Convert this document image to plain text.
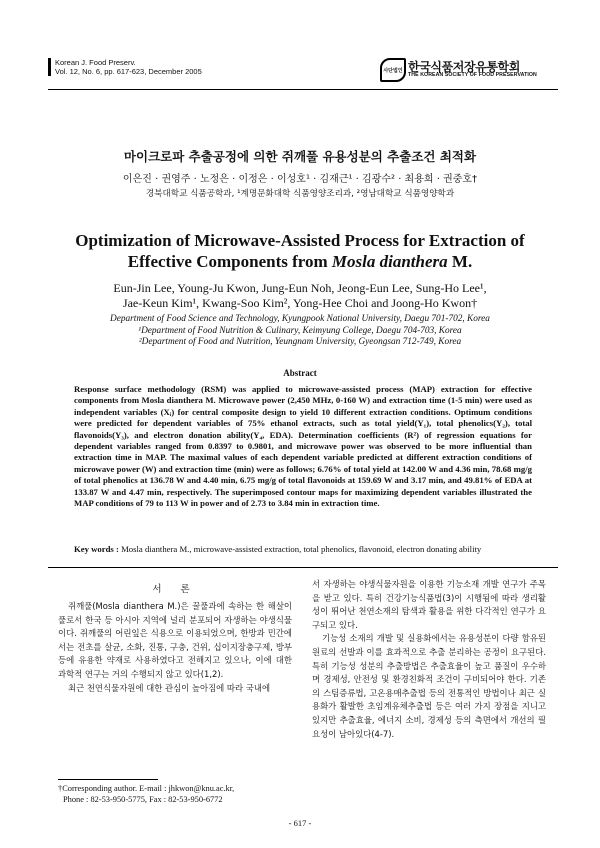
Korean J. Food Preserv.
Vol. 12, No. 6, pp. 617-623, December 2005	사단법인 한국식품저장유통학회
THE KOREAN SOCIETY OF FOOD PRESERVATION
마이크로파 추출공정에 의한 쥐깨풀 유용성분의 추출조건 최적화
이은진 · 권영주 · 노정은 · 이정은 · 이성호¹ · 김재근¹ · 김광수² · 최용희 · 권중호†
경북대학교 식품공학과, ¹계명문화대학 식품영양조리과, ²영남대학교 식품영양학과
Optimization of Microwave-Assisted Process for Extraction of
Effective Components from Mosla dianthera M.
Eun-Jin Lee, Young-Ju Kwon, Jung-Eun Noh, Jeong-Eun Lee, Sung-Ho Lee¹,
Jae-Keun Kim¹, Kwang-Soo Kim², Yong-Hee Choi and Joong-Ho Kwon†
Department of Food Science and Technology, Kyungpook National University, Daegu 701-702, Korea
¹Department of Food Nutrition & Culinary, Keimyung College, Daegu 704-703, Korea
²Department of Food and Nutrition, Yeungnam University, Gyeongsan 712-749, Korea
Abstract
Response surface methodology (RSM) was applied to microwave-assisted process (MAP) extraction for effective components from Mosla dianthera M. Microwave power (2,450 MHz, 0-160 W) and extraction time (1-5 min) were used as independent variables (Xᵢ) for central composite design to yield 10 different extraction conditions. Optimum conditions were predicted for dependent variables of 75% ethanol extracts, such as total yield(Y₁), total phenolics(Y₂), total flavonoids(Y₃), and electron donation ability(Y₄, EDA). Determination coefficients (R²) of regression equations for dependent variables ranged from 0.8397 to 0.9801, and microwave power was observed to be more influential than extraction time in MAP. The maximal values of each dependent variable predicted at different extraction conditions of microwave power (W) and extraction time (min) were as follows; 6.76% of total yield at 142.00 W and 4.36 min, 78.68 mg/g of total phenolics at 136.78 W and 4.40 min, 6.75 mg/g of total flavonoids at 159.69 W and 3.17 min, and 49.81% of EDA at 133.87 W and 4.47 min, respectively. The superimposed contour maps for maximizing dependent variables illustrated the MAP conditions of 79 to 113 W in power and of 2.73 to 3.84 min in extraction time.
Key words : Mosla dianthera M., microwave-assisted extraction, total phenolics, flavonoid, electron donating ability
서 론

쥐깨풀(Mosla dianthera M.)은 꿀풀과에 속하는 한 해살이 풀로서 한국 등 아시아 지역에 널리 분포되어 자생하는 야생식물이다. 쥐깨풀의 어린잎은 식용으로 이용되었으며, 한방과 민간에서는 전초를 살균, 소화, 진통, 구충, 건위, 십이지장충구제, 방부 등에 유용한 약재로 사용하였다고 전해지고 있으나, 이에 대한 과학적 연구는 거의 수행되지 않고 있다(1,2).

최근 천연식물자원에 대한 관심이 높아짐에 따라 국내에

서 자생하는 야생식물자원을 이용한 기능소재 개발 연구가 주목을 받고 있다. 특히 건강기능식품법(3)이 시행됨에 따라 생리활성이 뛰어난 천연소재의 탐색과 활용을 위한 다각적인 연구가 요구되고 있다.

기능성 소재의 개발 및 실용화에서는 유용성분이 다량 함유된 원료의 선발과 이를 효과적으로 추출 분리하는 공정이 요구된다. 특히 기능성 성분의 추출방법은 추출효율이 높고 품질이 우수하며 경제성, 안전성 및 환경친화적 조건이 구비되어야 한다. 기존의 스팀증류법, 고온용매추출법 등의 전통적인 방법이나 최근 실용화가 활발한 초임계유체추출법 등은 여러 가지 장점을 지니고 있지만 추출효율, 에너지 소비, 경제성 등의 측면에서 개선의 필요성이 남아있다(4-7).

†Corresponding author. E-mail : jhkwon@knu.ac.kr,
Phone : 82-53-950-5775, Fax : 82-53-950-6772
- 617 -
